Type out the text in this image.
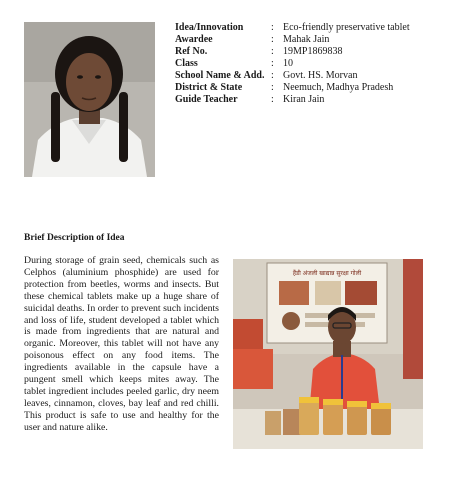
Idea/Innovation	:	Eco-friendly preservative tablet
Awardee	:	Mahak Jain
Ref No.	:	19MP1869838
Class	:	10
School Name & Add.	:	Govt. HS. Morvan
District & State	:	Neemuch, Madhya Pradesh
Guide Teacher	:	Kiran Jain
Brief Description of Idea

During storage of grain seed, chemicals such as Celphos (aluminium phosphide) are used for protection from beetles, worms and insects. But these chemical tablets make up a huge share of suicidal deaths. In order to prevent such incidents and loss of life, student developed a tablet which is made from ingredients that are natural and organic. Moreover, this tablet will not have any poisonous effect on any food items. The ingredients available in the capsule have a pungent smell which keeps mites away. The tablet ingredient includes peeled garlic, dry neem leaves, cinnamon, cloves, bay leaf and red chilli. This product is safe to use and healthy for the user and nature alike.

हैंडी अंजली खाद्यान्न सुरक्षा गोली
